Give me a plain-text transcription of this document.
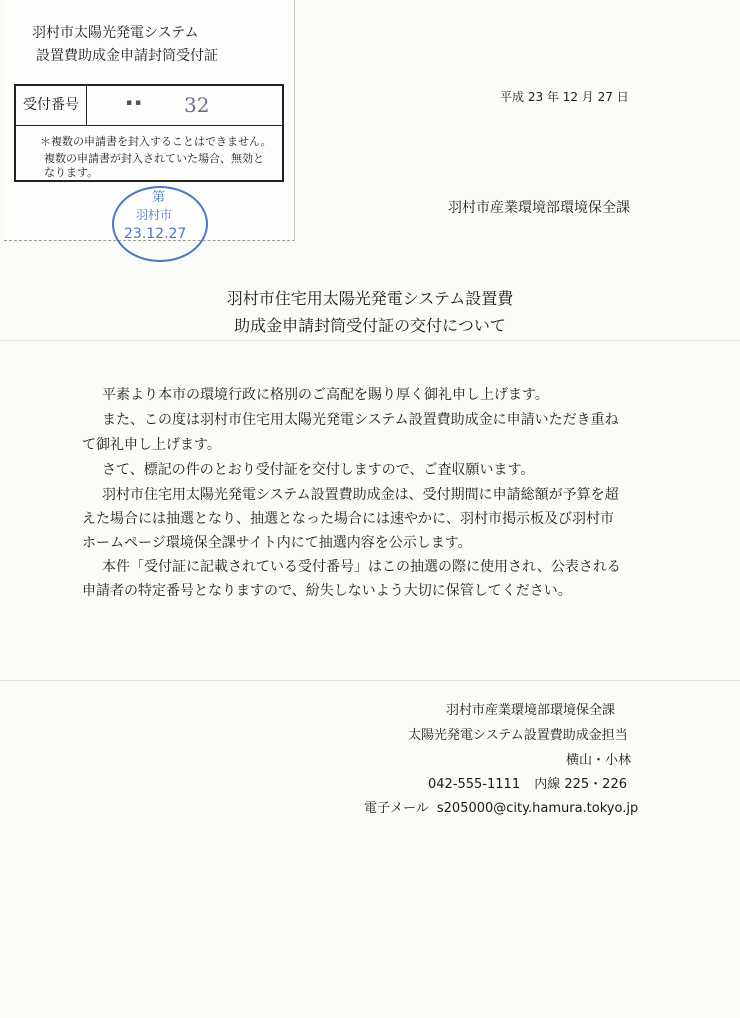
羽村市太陽光発電システム
設置費助成金申請封筒受付証
受付番号	▪ ▪ 32
＊複数の申請書を封入することはできません。
複数の申請書が封入されていた場合、無効と
なります。
第
羽村市
23.12.27
平成 23 年 12 月 27 日
羽村市産業環境部環境保全課
羽村市住宅用太陽光発電システム設置費
助成金申請封筒受付証の交付について

平素より本市の環境行政に格別のご高配を賜り厚く御礼申し上げます。

また、この度は羽村市住宅用太陽光発電システム設置費助成金に申請いただき重ね

て御礼申し上げます。

さて、標記の件のとおり受付証を交付しますので、ご査収願います。

羽村市住宅用太陽光発電システム設置費助成金は、受付期間に申請総額が予算を超

えた場合には抽選となり、抽選となった場合には速やかに、羽村市掲示板及び羽村市

ホームページ環境保全課サイト内にて抽選内容を公示します。

本件「受付証に記載されている受付番号」はこの抽選の際に使用され、公表される

申請者の特定番号となりますので、紛失しないよう大切に保管してください。

羽村市産業環境部環境保全課
太陽光発電システム設置費助成金担当
横山・小林
042-555-1111 内線 225・226
電子メール s205000@city.hamura.tokyo.jp
